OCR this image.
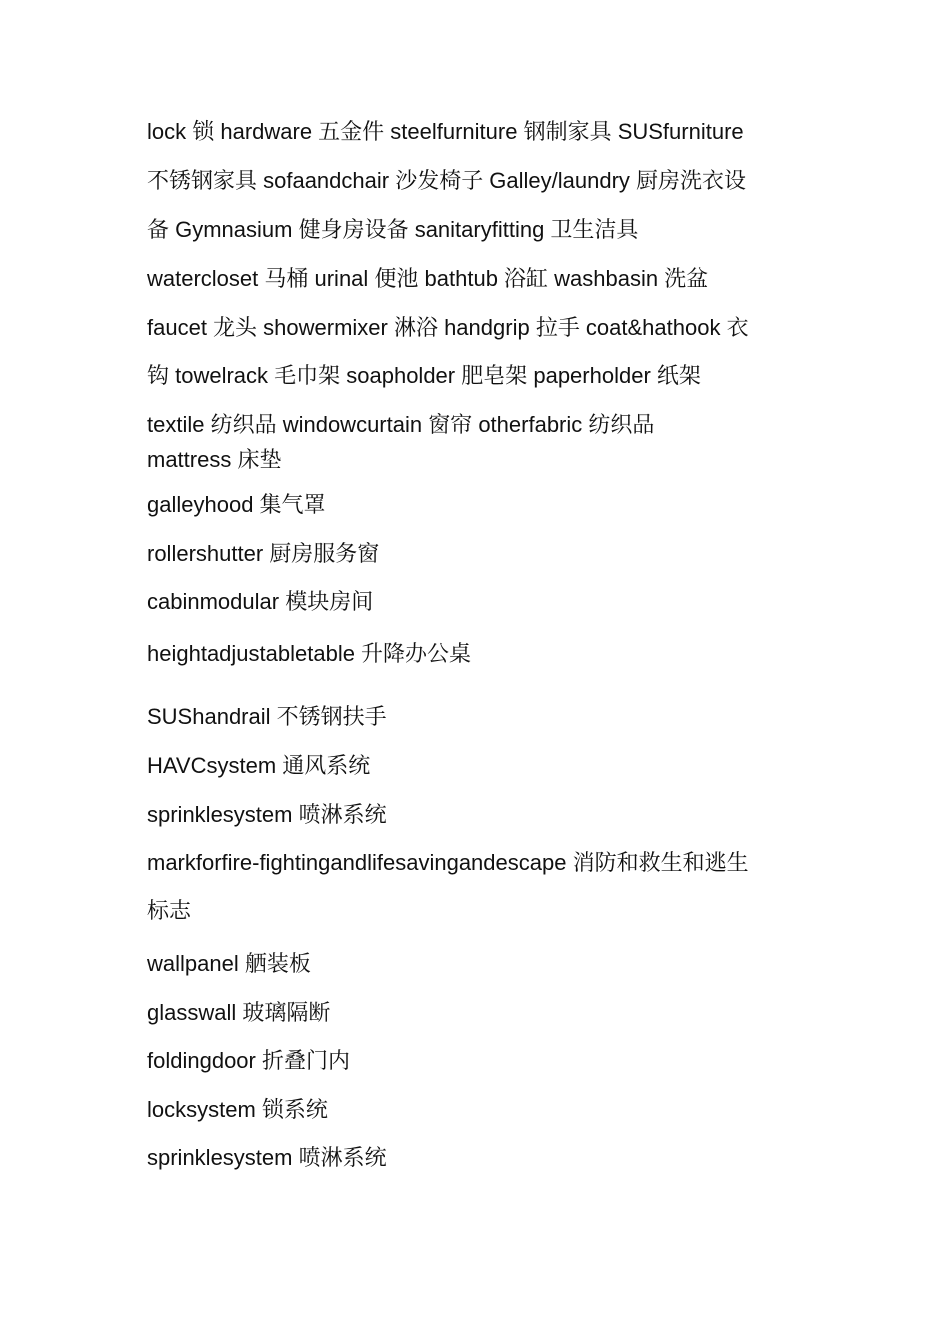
lock 锁 hardware 五金件 steelfurniture 钢制家具 SUSfurniture
不锈钢家具 sofaandchair 沙发椅子 Galley/laundry 厨房洗衣设
备 Gymnasium 健身房设备 sanitaryfitting 卫生洁具
watercloset 马桶 urinal 便池 bathtub 浴缸 washbasin 洗盆
faucet 龙头 showermixer 淋浴 handgrip 拉手 coat&hathook 衣
钩 towelrack 毛巾架 soapholder 肥皂架 paperholder 纸架
textile 纺织品 windowcurtain 窗帘 otherfabric 纺织品
mattress 床垫
galleyhood 集气罩
rollershutter 厨房服务窗
cabinmodular 模块房间
heightadjustabletable 升降办公桌
SUShandrail 不锈钢扶手
HAVCsystem 通风系统
sprinklesystem 喷淋系统
markforfire-fightingandlifesavingandescape 消防和救生和逃生
标志
wallpanel 舾装板
glasswall 玻璃隔断
foldingdoor 折叠门内
locksystem 锁系统
sprinklesystem 喷淋系统
